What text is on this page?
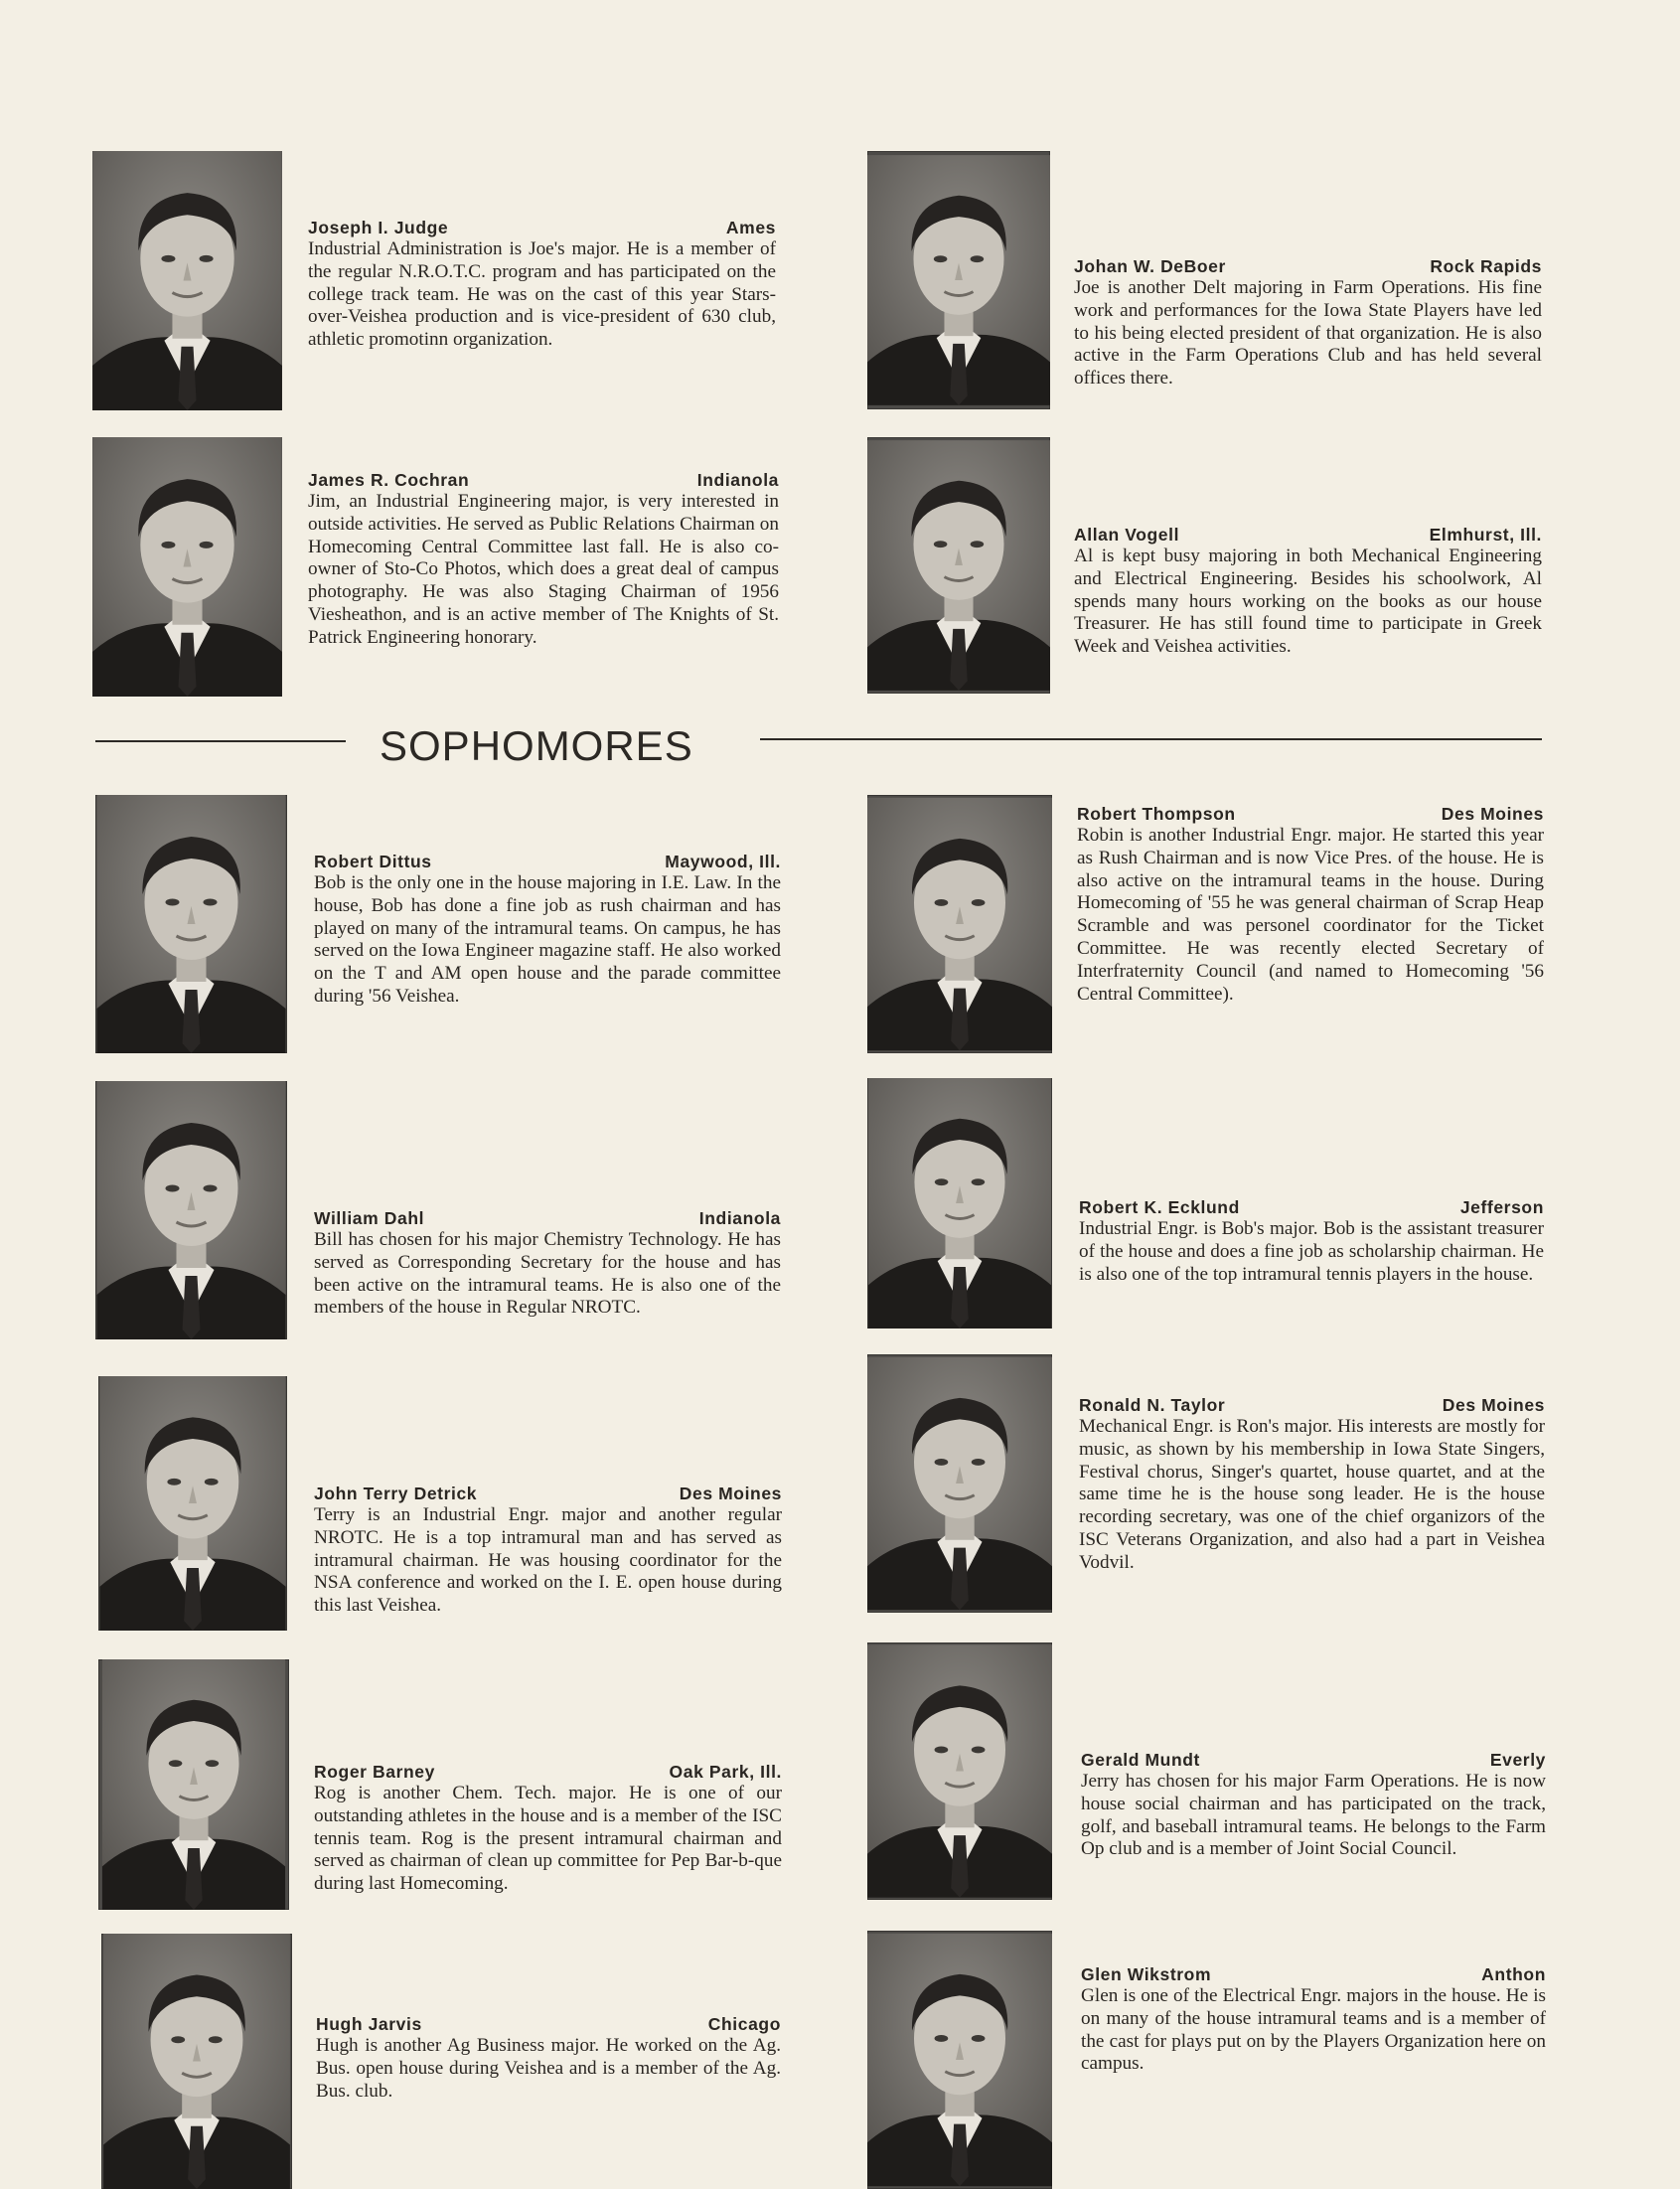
Joseph I. Judge	Ames

Industrial Administration is Joe's major. He is a member of the regular N.R.O.T.C. program and has participated on the college track team. He was on the cast of this year Stars-over-Veishea production and is vice-president of 630 club, athletic promotinn organization.

Johan W. DeBoer	Rock Rapids

Joe is another Delt majoring in Farm Operations. His fine work and performances for the Iowa State Players have led to his being elected president of that organization. He is also active in the Farm Operations Club and has held several offices there.

James R. Cochran	Indianola

Jim, an Industrial Engineering major, is very interested in outside activities. He served as Public Relations Chairman on Homecoming Central Committee last fall. He is also co-owner of Sto-Co Photos, which does a great deal of campus photography. He was also Staging Chairman of 1956 Viesheathon, and is an active member of The Knights of St. Patrick Engineering honorary.

Allan Vogell	Elmhurst, Ill.

Al is kept busy majoring in both Mechanical Engineering and Electrical Engineering. Besides his schoolwork, Al spends many hours working on the books as our house Treasurer. He has still found time to participate in Greek Week and Veishea activities.

SOPHOMORES
Robert Dittus	Maywood, Ill.

Bob is the only one in the house majoring in I.E. Law. In the house, Bob has done a fine job as rush chairman and has played on many of the intramural teams. On campus, he has served on the Iowa Engineer magazine staff. He also worked on the T and AM open house and the parade committee during '56 Veishea.

Robert Thompson	Des Moines

Robin is another Industrial Engr. major. He started this year as Rush Chairman and is now Vice Pres. of the house. He is also active on the intramural teams in the house. During Homecoming of '55 he was general chairman of Scrap Heap Scramble and was personel coordinator for the Ticket Committee. He was recently elected Secretary of Interfraternity Council (and named to Homecoming '56 Central Committee).

William Dahl	Indianola

Bill has chosen for his major Chemistry Technology. He has served as Corresponding Secretary for the house and has been active on the intramural teams. He is also one of the members of the house in Regular NROTC.

Robert K. Ecklund	Jefferson

Industrial Engr. is Bob's major. Bob is the assistant treasurer of the house and does a fine job as scholarship chairman. He is also one of the top intramural tennis players in the house.

John Terry Detrick	Des Moines

Terry is an Industrial Engr. major and another regular NROTC. He is a top intramural man and has served as intramural chairman. He was housing coordinator for the NSA conference and worked on the I. E. open house during this last Veishea.

Ronald N. Taylor	Des Moines

Mechanical Engr. is Ron's major. His interests are mostly for music, as shown by his membership in Iowa State Singers, Festival chorus, Singer's quartet, house quartet, and at the same time he is the house song leader. He is the house recording secretary, was one of the chief organizors of the ISC Veterans Organization, and also had a part in Veishea Vodvil.

Roger Barney	Oak Park, Ill.

Rog is another Chem. Tech. major. He is one of our outstanding athletes in the house and is a member of the ISC tennis team. Rog is the present intramural chairman and served as chairman of clean up committee for Pep Bar-b-que during last Homecoming.

Gerald Mundt	Everly

Jerry has chosen for his major Farm Operations. He is now house social chairman and has participated on the track, golf, and baseball intramural teams. He belongs to the Farm Op club and is a member of Joint Social Council.

Hugh Jarvis	Chicago

Hugh is another Ag Business major. He worked on the Ag. Bus. open house during Veishea and is a member of the Ag. Bus. club.

Glen Wikstrom	Anthon

Glen is one of the Electrical Engr. majors in the house. He is on many of the house intramural teams and is a member of the cast for plays put on by the Players Organization here on campus.
